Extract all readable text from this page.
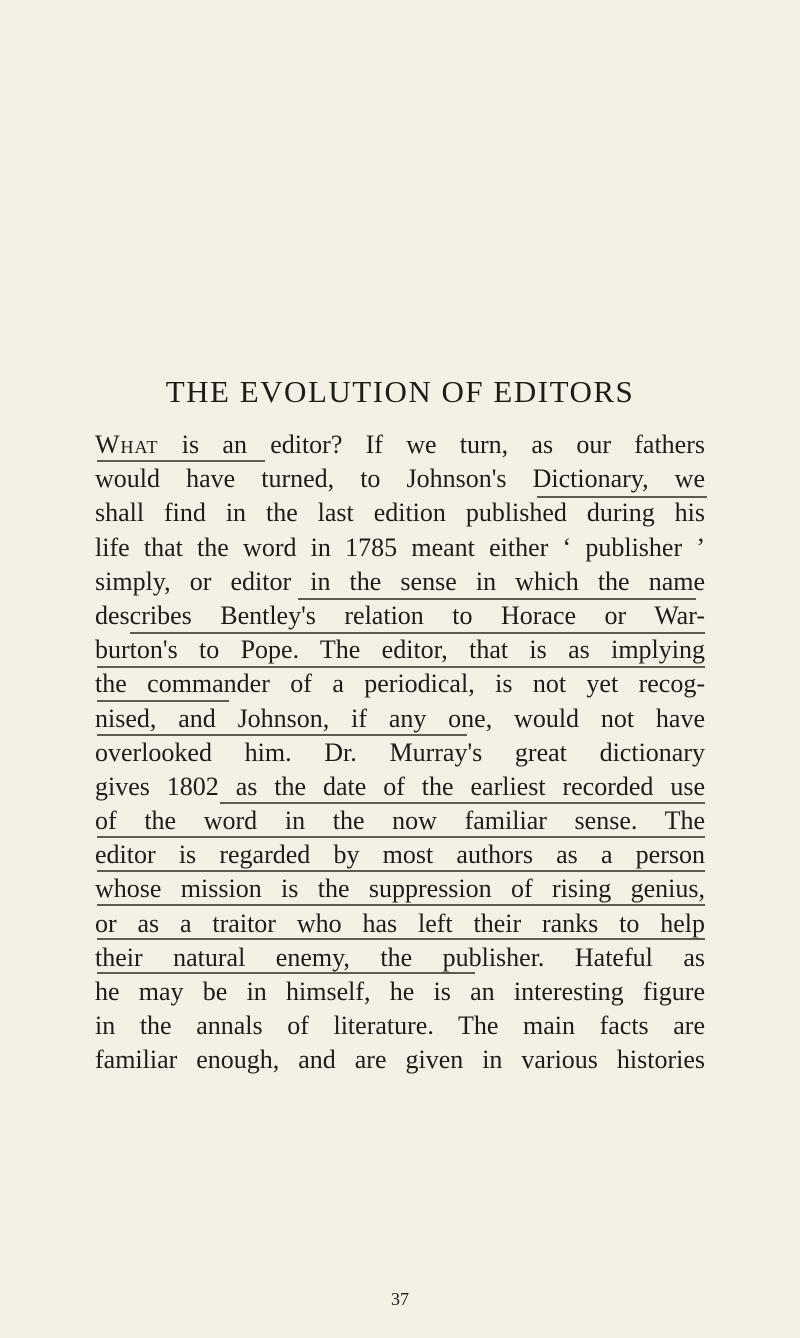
THE EVOLUTION OF EDITORS
What is an editor? If we turn, as our fathers
would have turned, to Johnson's Dictionary, we
shall find in the last edition published during his
life that the word in 1785 meant either ‘ publisher ’
simply, or editor in the sense in which the name
describes Bentley's relation to Horace or War-
burton's to Pope. The editor, that is as implying
the commander of a periodical, is not yet recog-
nised, and Johnson, if any one, would not have
overlooked him. Dr. Murray's great dictionary
gives 1802 as the date of the earliest recorded use
of the word in the now familiar sense. The
editor is regarded by most authors as a person
whose mission is the suppression of rising genius,
or as a traitor who has left their ranks to help
their natural enemy, the publisher. Hateful as
he may be in himself, he is an interesting figure
in the annals of literature. The main facts are
familiar enough, and are given in various histories
37
